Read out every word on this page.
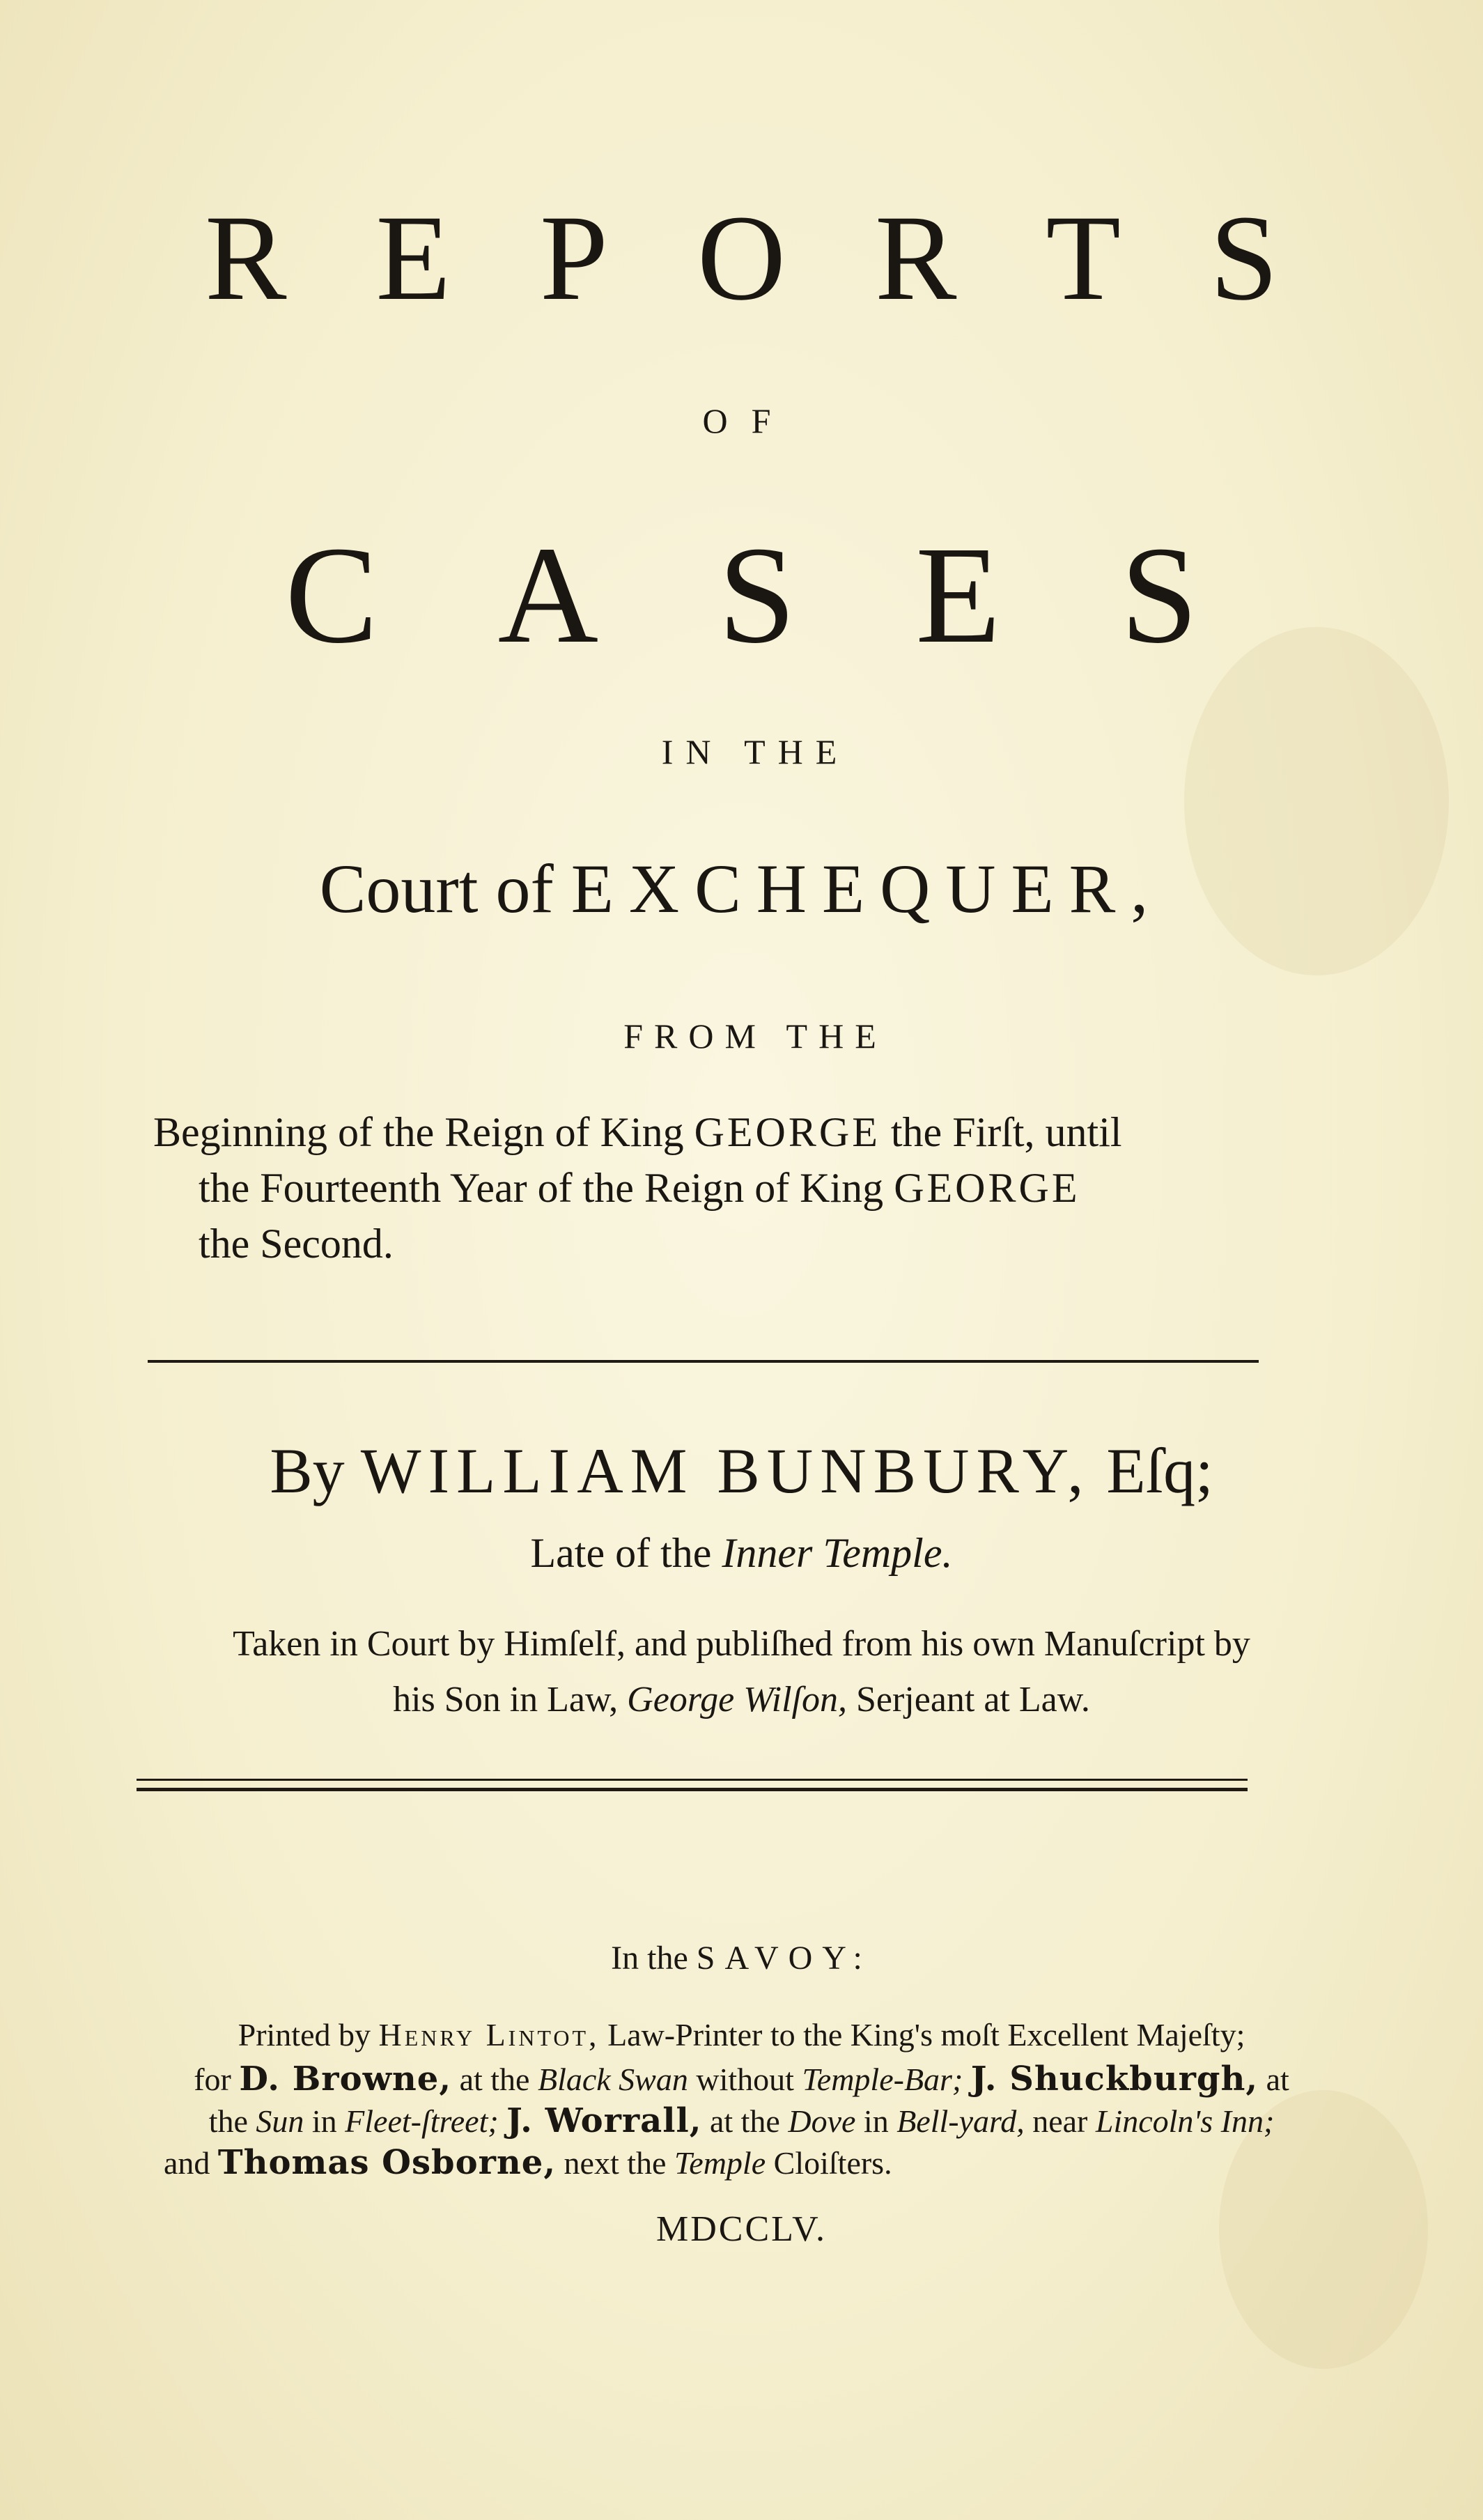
R E P O R T S
OF
C A S E S
IN THE
Court of EXCHEQUER,
FROM THE
Beginning of the Reign of King GEORGE the Firſt, until
the Fourteenth Year of the Reign of King GEORGE
the Second.
By WILLIAM BUNBURY, Eſq;
Late of the Inner Temple.
Taken in Court by Himſelf, and publiſhed from his own Manuſcript by
his Son in Law, George Wilſon, Serjeant at Law.
In the SAVOY:
Printed by Henry Lintot, Law-Printer to the King's moſt Excellent Majeſty;
for D. Browne, at the Black Swan without Temple-Bar; J. Shuckburgh, at
the Sun in Fleet-ſtreet; J. Worrall, at the Dove in Bell-yard, near Lincoln's Inn;
and Thomas Osborne, next the Temple Cloiſters.
MDCCLV.
